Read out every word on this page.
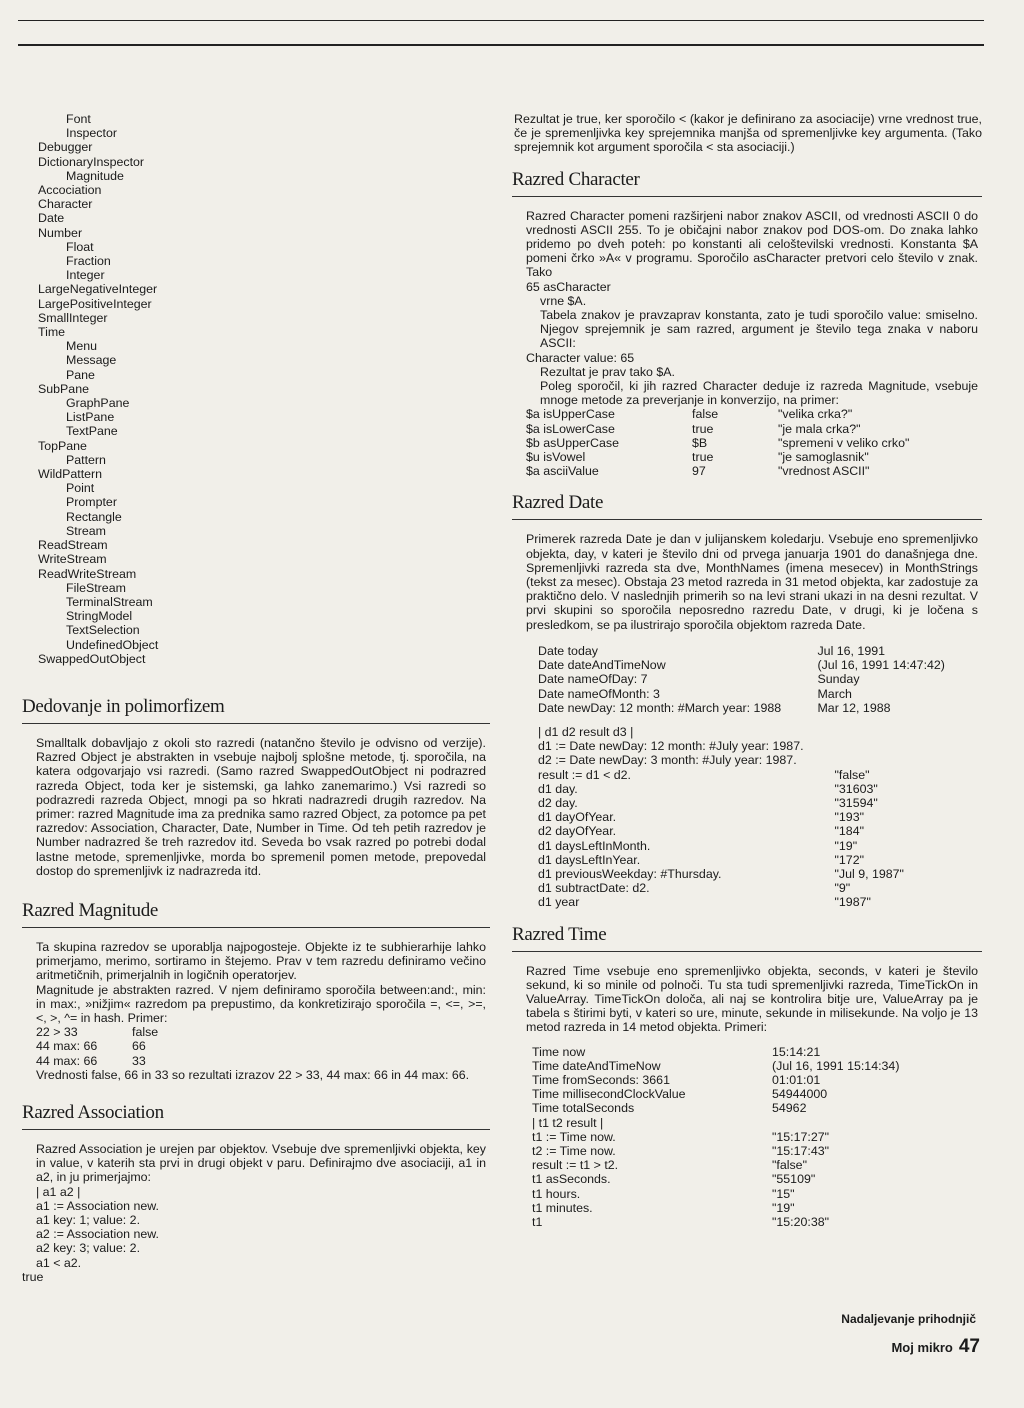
Font
Inspector
Debugger
DictionaryInspector
Magnitude
Accociation
Character
Date
Number
Float
Fraction
Integer
LargeNegativeInteger
LargePositiveInteger
SmallInteger
Time
Menu
Message
Pane
SubPane
GraphPane
ListPane
TextPane
TopPane
Pattern
WildPattern
Point
Prompter
Rectangle
Stream
ReadStream
WriteStream
ReadWriteStream
FileStream
TerminalStream
StringModel
TextSelection
UndefinedObject
SwappedOutObject
Dedovanje in polimorfizem

Smalltalk dobavljajo z okoli sto razredi (natančno število je odvisno od verzije). Razred Object je abstrakten in vsebuje najbolj splošne metode, tj. sporočila, na katera odgovarjajo vsi razredi. (Samo razred SwappedOutObject ni podrazred razreda Object, toda ker je sistemski, ga lahko zanemarimo.) Vsi razredi so podrazredi razreda Object, mnogi pa so hkrati nadrazredi drugih razredov. Na primer: razred Magnitude ima za prednika samo razred Object, za potomce pa pet razredov: Association, Character, Date, Number in Time. Od teh petih razredov je Number nadrazred še treh razredov itd. Seveda bo vsak razred po potrebi dodal lastne metode, spremenljivke, morda bo spremenil pomen metode, prepovedal dostop do spremenljivk iz nadrazreda itd.

Razred Magnitude

Ta skupina razredov se uporablja najpogosteje. Objekte iz te subhierarhije lahko primerjamo, merimo, sortiramo in štejemo. Prav v tem razredu definiramo večino aritmetičnih, primerjalnih in logičnih operatorjev.

Magnitude je abstrakten razred. V njem definiramo sporočila between:and:, min: in max:, »nižjim« razredom pa prepustimo, da konkretizirajo sporočila =, <=, >=, <, >, ^= in hash. Primer:

22 > 33	false
44 max: 66	66
44 max: 66	33

Vrednosti false, 66 in 33 so rezultati izrazov 22 > 33, 44 max: 66 in 44 max: 66.

Razred Association

Razred Association je urejen par objektov. Vsebuje dve spremenljivki objekta, key in value, v katerih sta prvi in drugi objekt v paru. Definirajmo dve asociaciji, a1 in a2, in ju primerjajmo:

| a1 a2 |
a1 := Association new.
a1 key: 1; value: 2.
a2 := Association new.
a2 key: 3; value: 2.
a1 < a2.
true

Rezultat je true, ker sporočilo < (kakor je definirano za asociacije) vrne vrednost true, če je spremenljivka key sprejemnika manjša od spremenljivke key argumenta. (Tako sprejemnik kot argument sporočila < sta asociaciji.)

Razred Character

Razred Character pomeni razširjeni nabor znakov ASCII, od vrednosti ASCII 0 do vrednosti ASCII 255. To je običajni nabor znakov pod DOS-om. Do znaka lahko pridemo po dveh poteh: po konstanti ali celoštevilski vrednosti. Konstanta $A pomeni črko »A« v programu. Sporočilo asCharacter pretvori celo število v znak. Tako

65 asCharacter
vrne $A.

Tabela znakov je pravzaprav konstanta, zato je tudi sporočilo value: smiselno. Njegov sprejemnik je sam razred, argument je število tega znaka v naboru ASCII:

Character value: 65
Rezultat je prav tako $A.

Poleg sporočil, ki jih razred Character deduje iz razreda Magnitude, vsebuje mnoge metode za preverjanje in konverzijo, na primer:

$a isUpperCase	false	"velika crka?"
$a isLowerCase	true	"je mala crka?"
$b asUpperCase	$B	"spremeni v veliko crko"
$u isVowel	true	"je samoglasnik"
$a asciiValue	97	"vrednost ASCII"
Razred Date

Primerek razreda Date je dan v julijanskem koledarju. Vsebuje eno spremenljivko objekta, day, v kateri je število dni od prvega januarja 1901 do današnjega dne. Spremenljivki razreda sta dve, MonthNames (imena mesecev) in MonthStrings (tekst za mesec). Obstaja 23 metod razreda in 31 metod objekta, kar zadostuje za praktično delo. V naslednjih primerih so na levi strani ukazi in na desni rezultat. V prvi skupini so sporočila neposredno razredu Date, v drugi, ki je ločena s presledkom, se pa ilustrirajo sporočila objektom razreda Date.

Date today	Jul 16, 1991
Date dateAndTimeNow	(Jul 16, 1991 14:47:42)
Date nameOfDay: 7	Sunday
Date nameOfMonth: 3	March
Date newDay: 12 month: #March year: 1988	Mar 12, 1988
| d1 d2 result d3 |
d1 := Date newDay: 12 month: #July year: 1987.
d2 := Date newDay: 3 month: #July year: 1987.
result := d1 < d2.	"false"
d1 day.	"31603"
d2 day.	"31594"
d1 dayOfYear.	"193"
d2 dayOfYear.	"184"
d1 daysLeftInMonth.	"19"
d1 daysLeftInYear.	"172"
d1 previousWeekday: #Thursday.	"Jul 9, 1987"
d1 subtractDate: d2.	"9"
d1 year	"1987"
Razred Time

Razred Time vsebuje eno spremenljivko objekta, seconds, v kateri je število sekund, ki so minile od polnoči. Tu sta tudi spremenljivki razreda, TimeTickOn in ValueArray. TimeTickOn določa, ali naj se kontrolira bitje ure, ValueArray pa je tabela s štirimi byti, v kateri so ure, minute, sekunde in milisekunde. Na voljo je 13 metod razreda in 14 metod objekta. Primeri:

Time now	15:14:21
Time dateAndTimeNow	(Jul 16, 1991 15:14:34)
Time fromSeconds: 3661	01:01:01
Time millisecondClockValue	54944000
Time totalSeconds	54962
| t1 t2 result |
t1 := Time now.	"15:17:27"
t2 := Time now.	"15:17:43"
result := t1 > t2.	"false"
t1 asSeconds.	"55109"
t1 hours.	"15"
t1 minutes.	"19"
t1	"15:20:38"
Nadaljevanje prihodnjič
Moj mikro 47
